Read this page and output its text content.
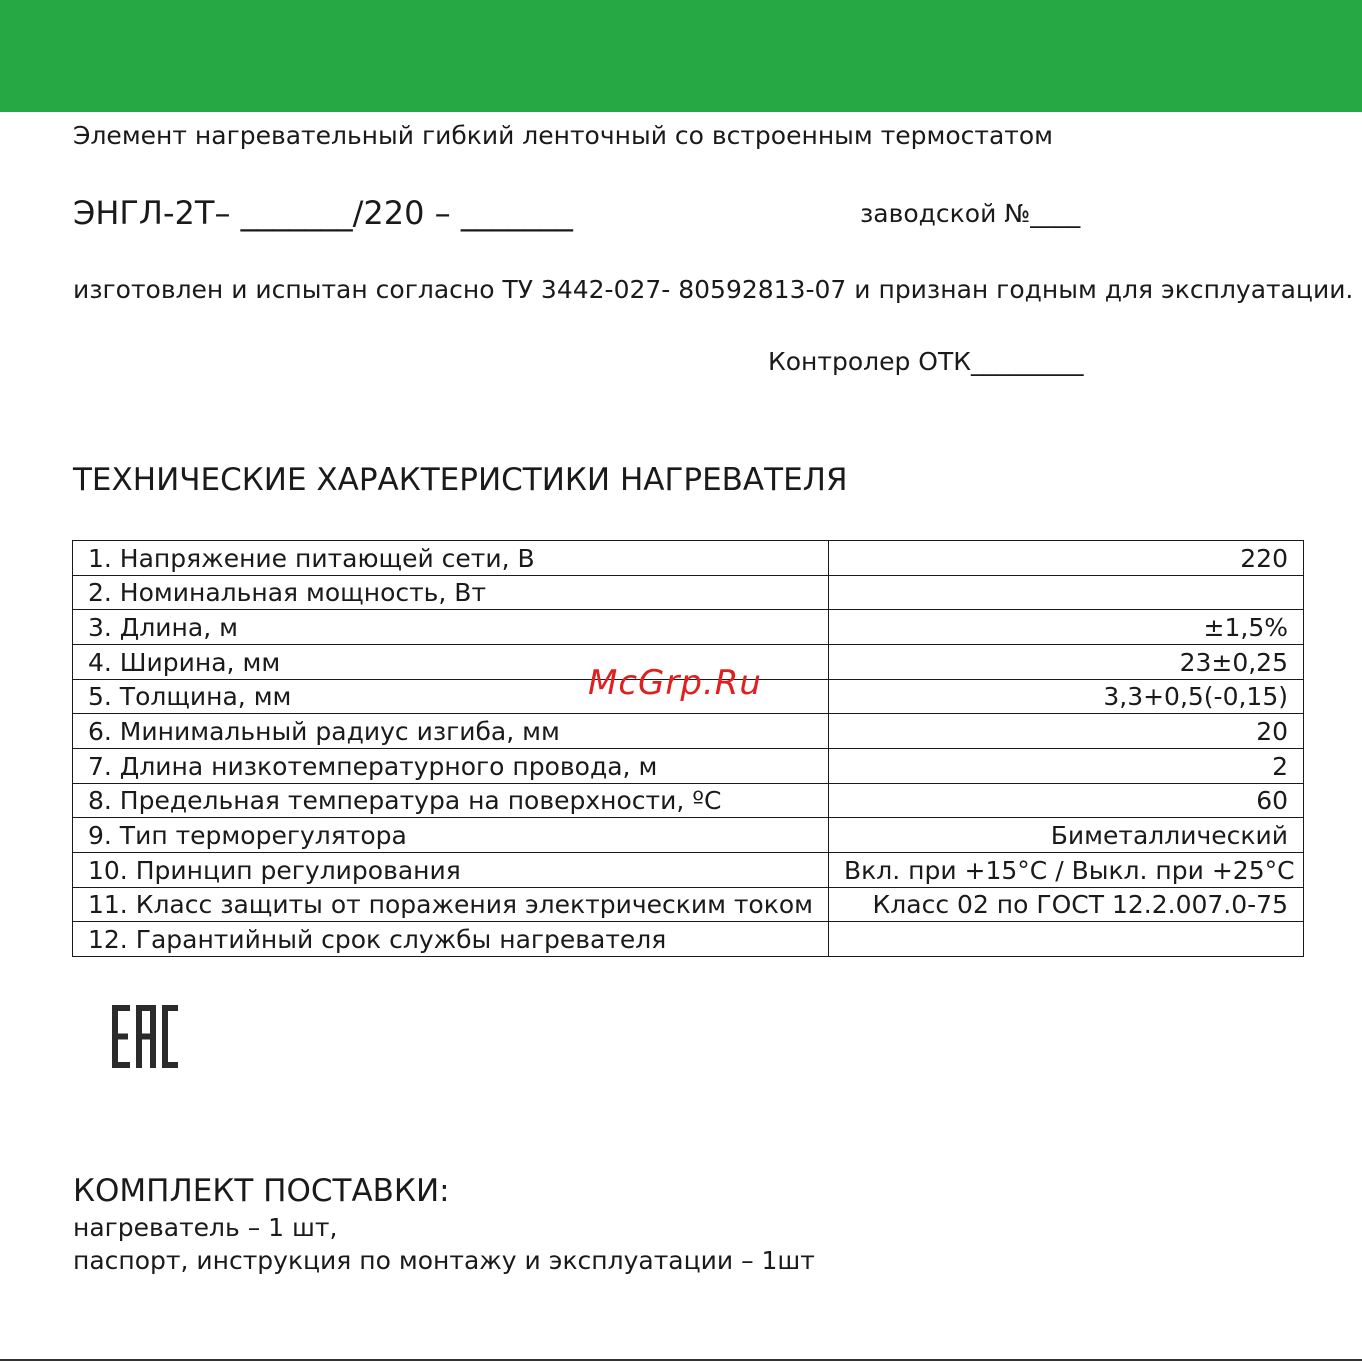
Элемент нагревательный гибкий ленточный со встроенным термостатом
ЭНГЛ-2Т– _______/220 – _______	заводской №____
изготовлен и испытан согласно ТУ 3442-027- 80592813-07 и признан годным для эксплуатации.
Контролер ОТК_________
ТЕХНИЧЕСКИЕ ХАРАКТЕРИСТИКИ НАГРЕВАТЕЛЯ
1. Напряжение питающей сети, В	220
2. Номинальная мощность, Вт	
3. Длина, м	±1,5%
4. Ширина, мм	23±0,25
5. Толщина, мм	3,3+0,5(-0,15)
6. Минимальный радиус изгиба, мм	20
7. Длина низкотемпературного провода, м	2
8. Предельная температура на поверхности, ºС	60
9. Тип терморегулятора	Биметаллический
10. Принцип регулирования	Вкл. при +15°C / Выкл. при +25°C
11. Класс защиты от поражения электрическим током	Класс 02 по ГОСТ 12.2.007.0-75
12. Гарантийный срок службы нагревателя	
McGrp.Ru
КОМПЛЕКТ ПОСТАВКИ:
нагреватель – 1 шт,
паспорт, инструкция по монтажу и эксплуатации – 1шт
